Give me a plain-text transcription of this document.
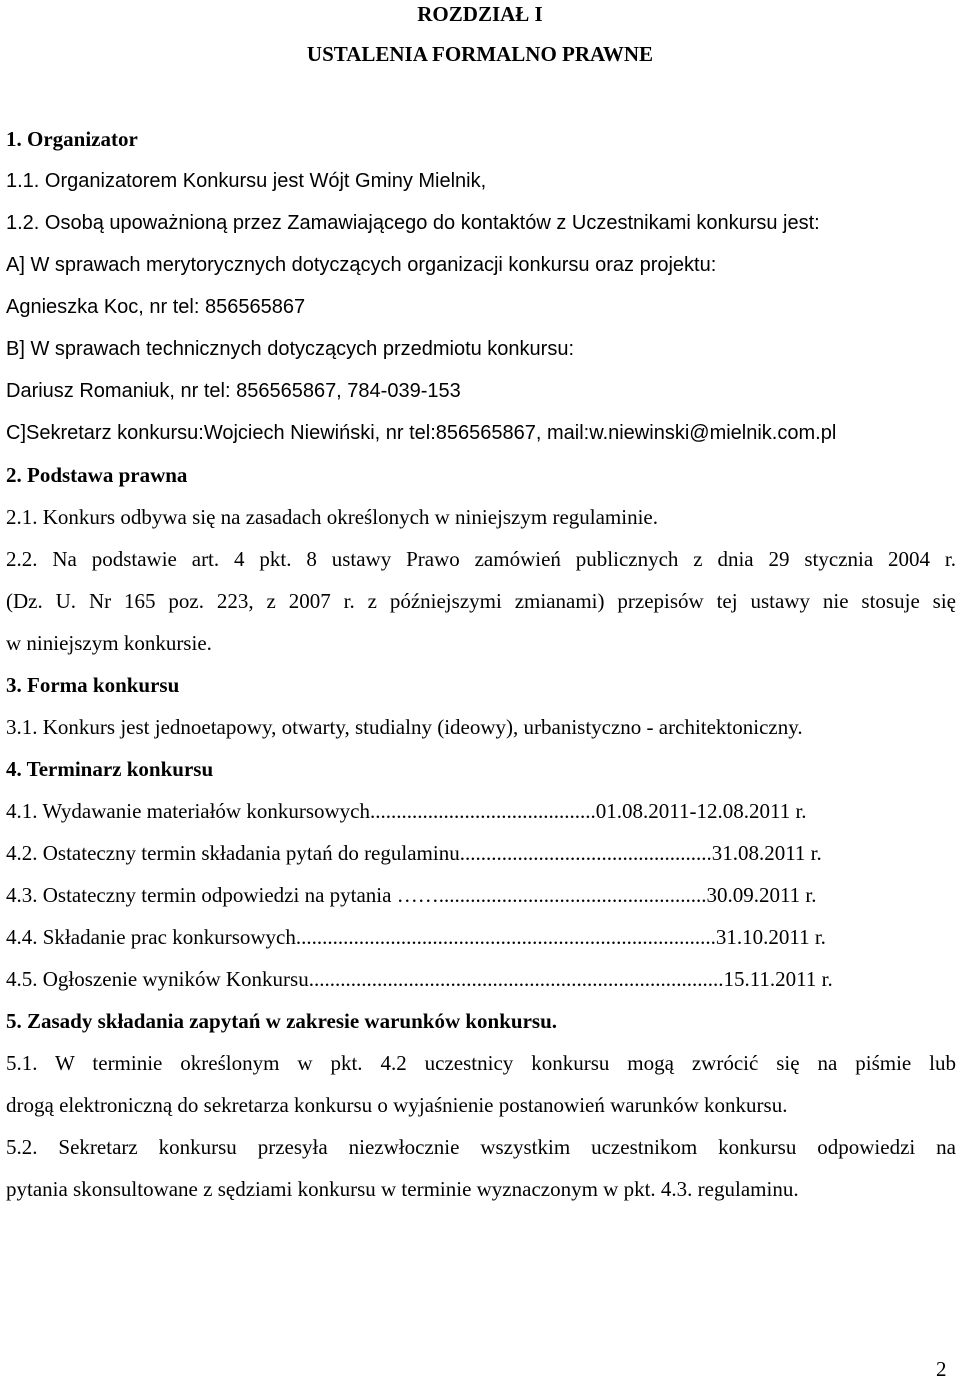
ROZDZIAŁ I
USTALENIA FORMALNO PRAWNE
1. Organizator
1.1. Organizatorem Konkursu jest Wójt Gminy Mielnik,
1.2. Osobą upoważnioną przez Zamawiającego do kontaktów z Uczestnikami konkursu jest:
A] W sprawach merytorycznych dotyczących organizacji konkursu oraz projektu:
Agnieszka Koc, nr tel: 856565867
B] W sprawach technicznych dotyczących przedmiotu konkursu:
Dariusz Romaniuk, nr tel: 856565867, 784-039-153
C]Sekretarz konkursu:Wojciech Niewiński, nr tel:856565867, mail:w.niewinski@mielnik.com.pl
2. Podstawa prawna
2.1. Konkurs odbywa się na zasadach określonych w niniejszym regulaminie.
2.2. Na podstawie art. 4 pkt. 8 ustawy Prawo zamówień publicznych z dnia 29 stycznia 2004 r.
(Dz. U. Nr 165 poz. 223, z 2007 r. z późniejszymi zmianami) przepisów tej ustawy nie stosuje się
w niniejszym konkursie.
3. Forma konkursu
3.1. Konkurs jest jednoetapowy, otwarty, studialny (ideowy), urbanistyczno - architektoniczny.
4. Terminarz konkursu
4.1. Wydawanie materiałów konkursowych...........................................01.08.2011-12.08.2011 r.
4.2. Ostateczny termin składania pytań do regulaminu................................................31.08.2011 r.
4.3. Ostateczny termin odpowiedzi na pytania ……...................................................30.09.2011 r.
4.4. Składanie prac konkursowych................................................................................31.10.2011 r.
4.5. Ogłoszenie wyników Konkursu...............................................................................15.11.2011 r.
5. Zasady składania zapytań w zakresie warunków konkursu.
5.1. W terminie określonym w pkt. 4.2 uczestnicy konkursu mogą zwrócić się na piśmie lub
drogą elektroniczną do sekretarza konkursu o wyjaśnienie postanowień warunków konkursu.
5.2. Sekretarz konkursu przesyła niezwłocznie wszystkim uczestnikom konkursu odpowiedzi na
pytania skonsultowane z sędziami konkursu w terminie wyznaczonym w pkt. 4.3. regulaminu.
2
